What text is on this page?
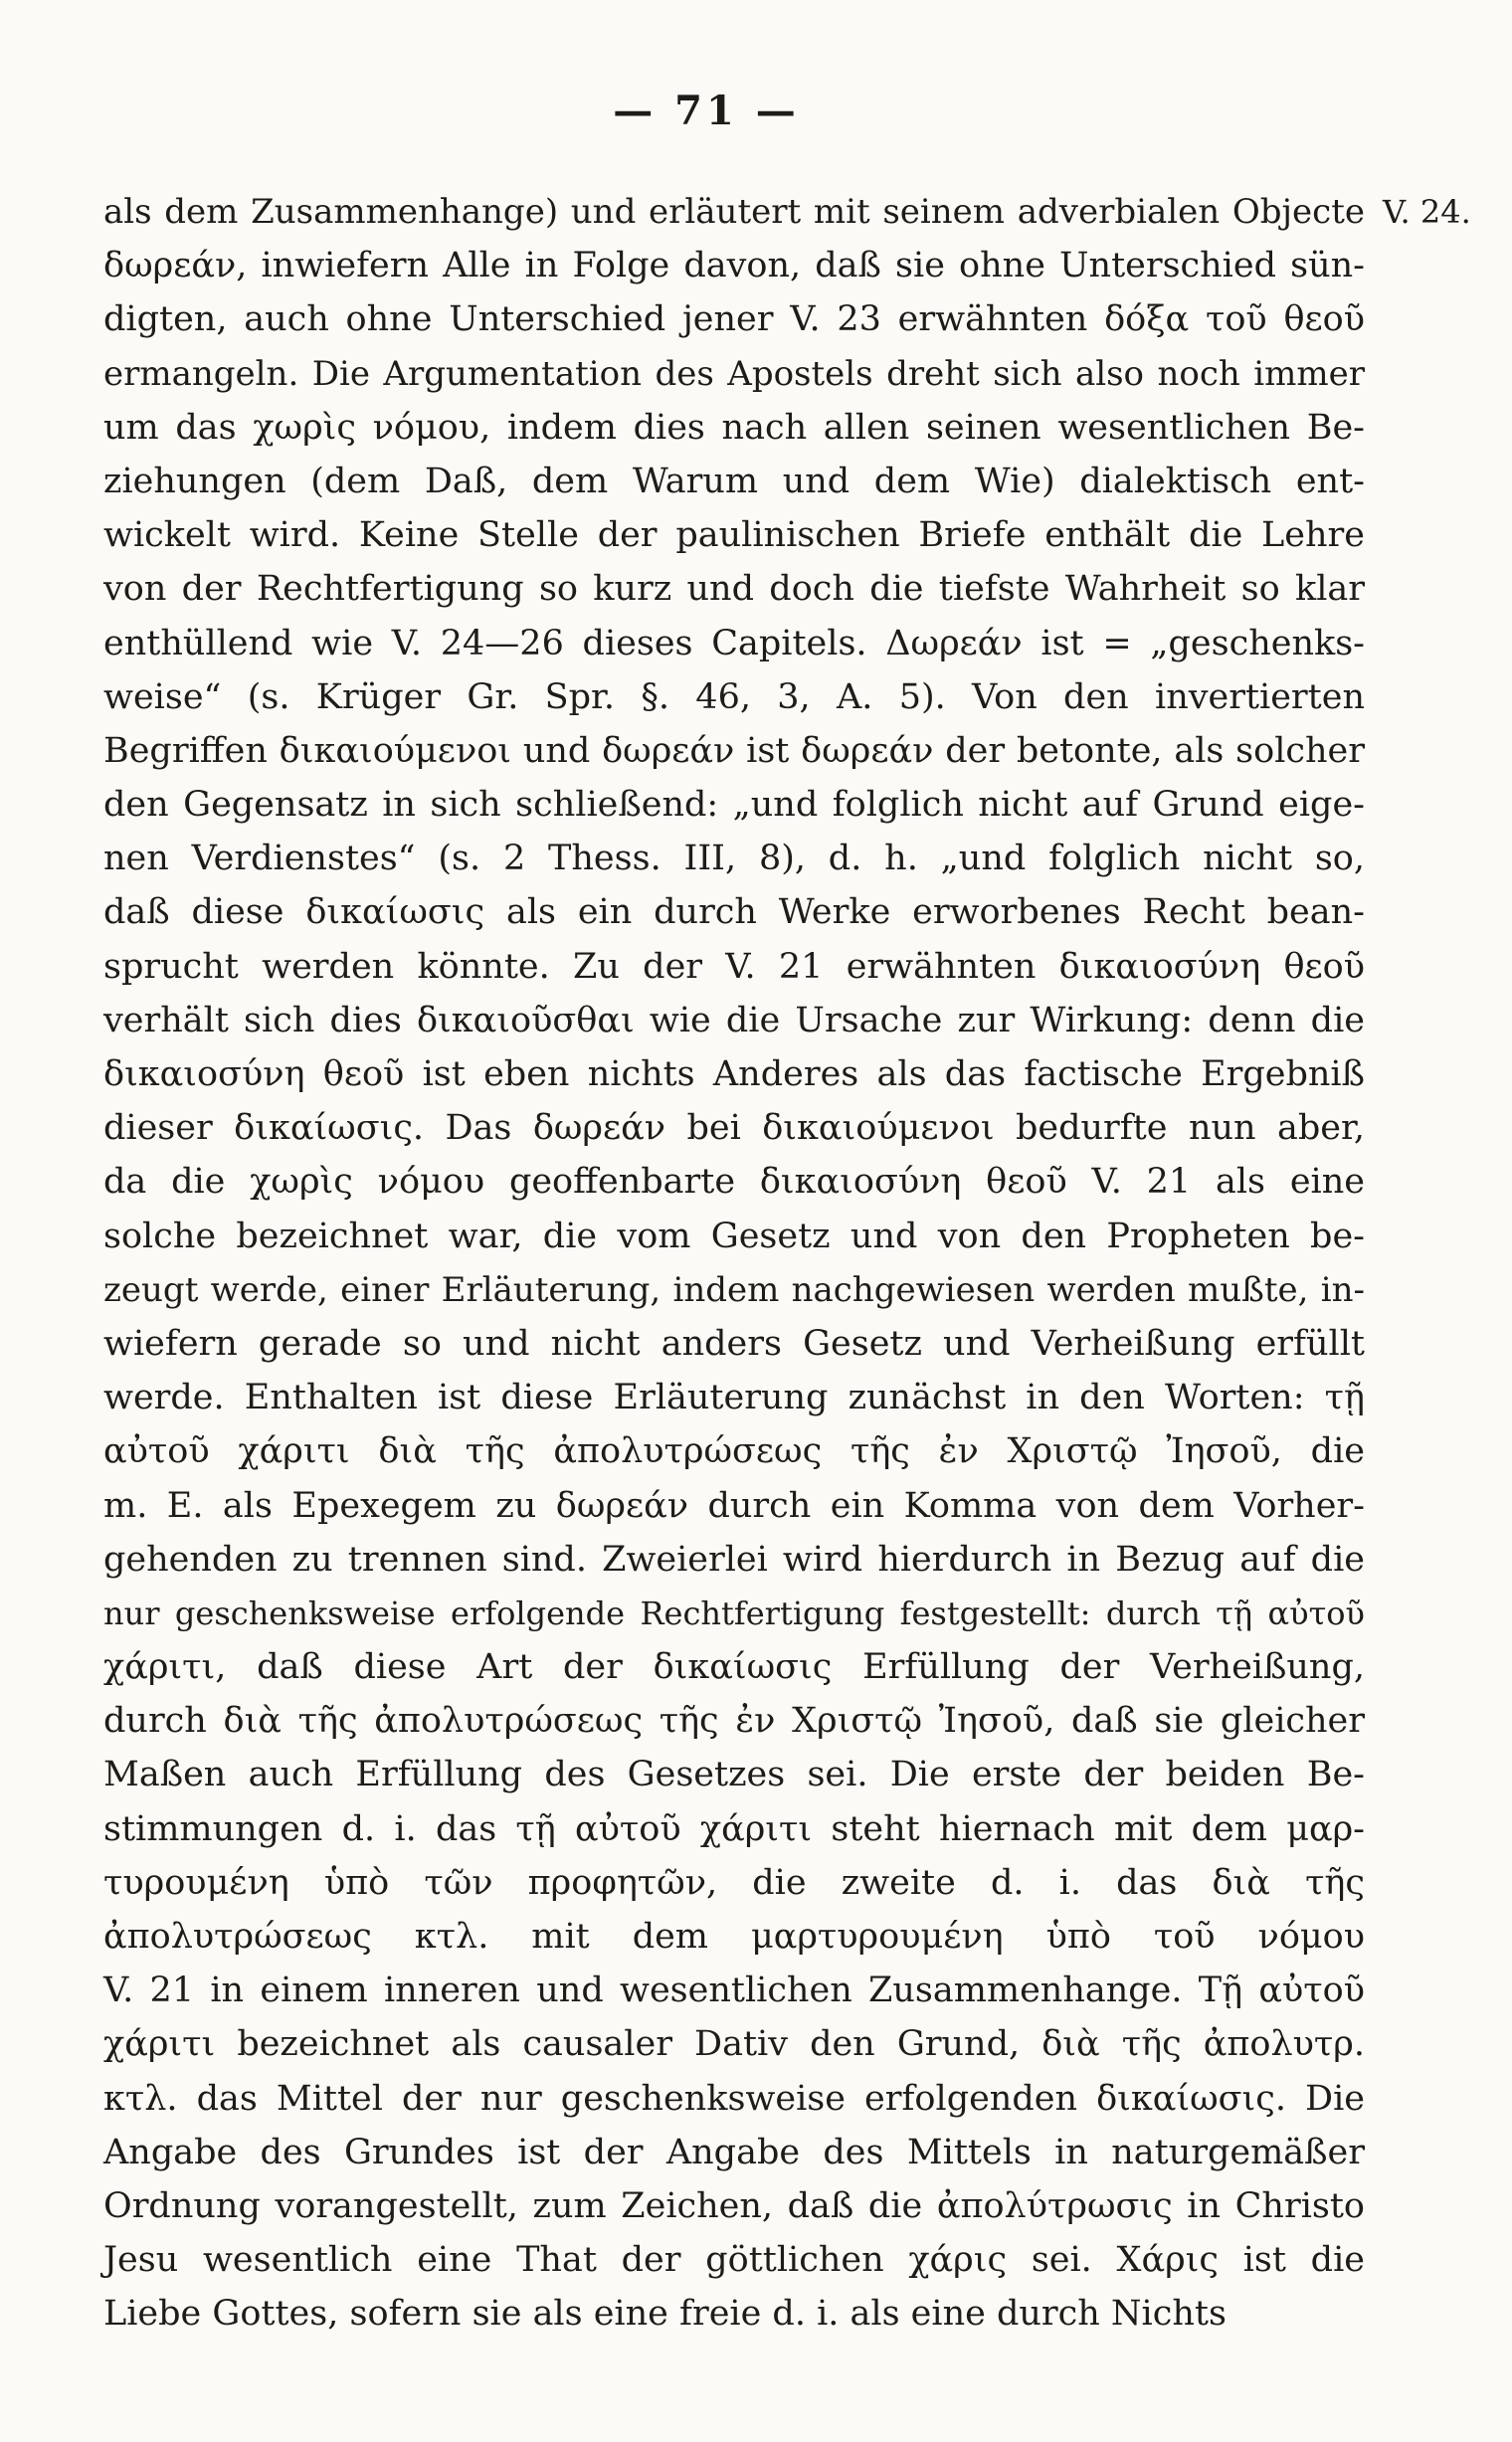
— 71 —
V. 24.
als dem Zusammenhange) und erläutert mit seinem adverbialen Objecte
δωρεάν, inwiefern Alle in Folge davon, daß sie ohne Unterschied sün-
digten, auch ohne Unterschied jener V. 23 erwähnten δόξα τοῦ θεοῦ
ermangeln. Die Argumentation des Apostels dreht sich also noch immer
um das χωρὶς νόμου, indem dies nach allen seinen wesentlichen Be-
ziehungen (dem Daß, dem Warum und dem Wie) dialektisch ent-
wickelt wird. Keine Stelle der paulinischen Briefe enthält die Lehre
von der Rechtfertigung so kurz und doch die tiefste Wahrheit so klar
enthüllend wie V. 24—26 dieses Capitels. Δωρεάν ist = „geschenks-
weise“ (s. Krüger Gr. Spr. §. 46, 3, A. 5). Von den invertierten
Begriffen δικαιούμενοι und δωρεάν ist δωρεάν der betonte, als solcher
den Gegensatz in sich schließend: „und folglich nicht auf Grund eige-
nen Verdienstes“ (s. 2 Thess. III, 8), d. h. „und folglich nicht so,
daß diese δικαίωσις als ein durch Werke erworbenes Recht bean-
sprucht werden könnte. Zu der V. 21 erwähnten δικαιοσύνη θεοῦ
verhält sich dies δικαιοῦσθαι wie die Ursache zur Wirkung: denn die
δικαιοσύνη θεοῦ ist eben nichts Anderes als das factische Ergebniß
dieser δικαίωσις. Das δωρεάν bei δικαιούμενοι bedurfte nun aber,
da die χωρὶς νόμου geoffenbarte δικαιοσύνη θεοῦ V. 21 als eine
solche bezeichnet war, die vom Gesetz und von den Propheten be-
zeugt werde, einer Erläuterung, indem nachgewiesen werden mußte, in-
wiefern gerade so und nicht anders Gesetz und Verheißung erfüllt
werde. Enthalten ist diese Erläuterung zunächst in den Worten: τῇ
αὐτοῦ χάριτι διὰ τῆς ἀπολυτρώσεως τῆς ἐν Χριστῷ Ἰησοῦ, die
m. E. als Epexegem zu δωρεάν durch ein Komma von dem Vorher-
gehenden zu trennen sind. Zweierlei wird hierdurch in Bezug auf die
nur geschenksweise erfolgende Rechtfertigung festgestellt: durch τῇ αὐτοῦ
χάριτι, daß diese Art der δικαίωσις Erfüllung der Verheißung,
durch διὰ τῆς ἀπολυτρώσεως τῆς ἐν Χριστῷ Ἰησοῦ, daß sie gleicher
Maßen auch Erfüllung des Gesetzes sei. Die erste der beiden Be-
stimmungen d. i. das τῇ αὐτοῦ χάριτι steht hiernach mit dem μαρ-
τυρουμένη ὑπὸ τῶν προφητῶν, die zweite d. i. das διὰ τῆς
ἀπολυτρώσεως κτλ. mit dem μαρτυρουμένη ὑπὸ τοῦ νόμου
V. 21 in einem inneren und wesentlichen Zusammenhange. Τῇ αὐτοῦ
χάριτι bezeichnet als causaler Dativ den Grund, διὰ τῆς ἀπολυτρ.
κτλ. das Mittel der nur geschenksweise erfolgenden δικαίωσις. Die
Angabe des Grundes ist der Angabe des Mittels in naturgemäßer
Ordnung vorangestellt, zum Zeichen, daß die ἀπολύτρωσις in Christo
Jesu wesentlich eine That der göttlichen χάρις sei. Χάρις ist die
Liebe Gottes, sofern sie als eine freie d. i. als eine durch Nichts
